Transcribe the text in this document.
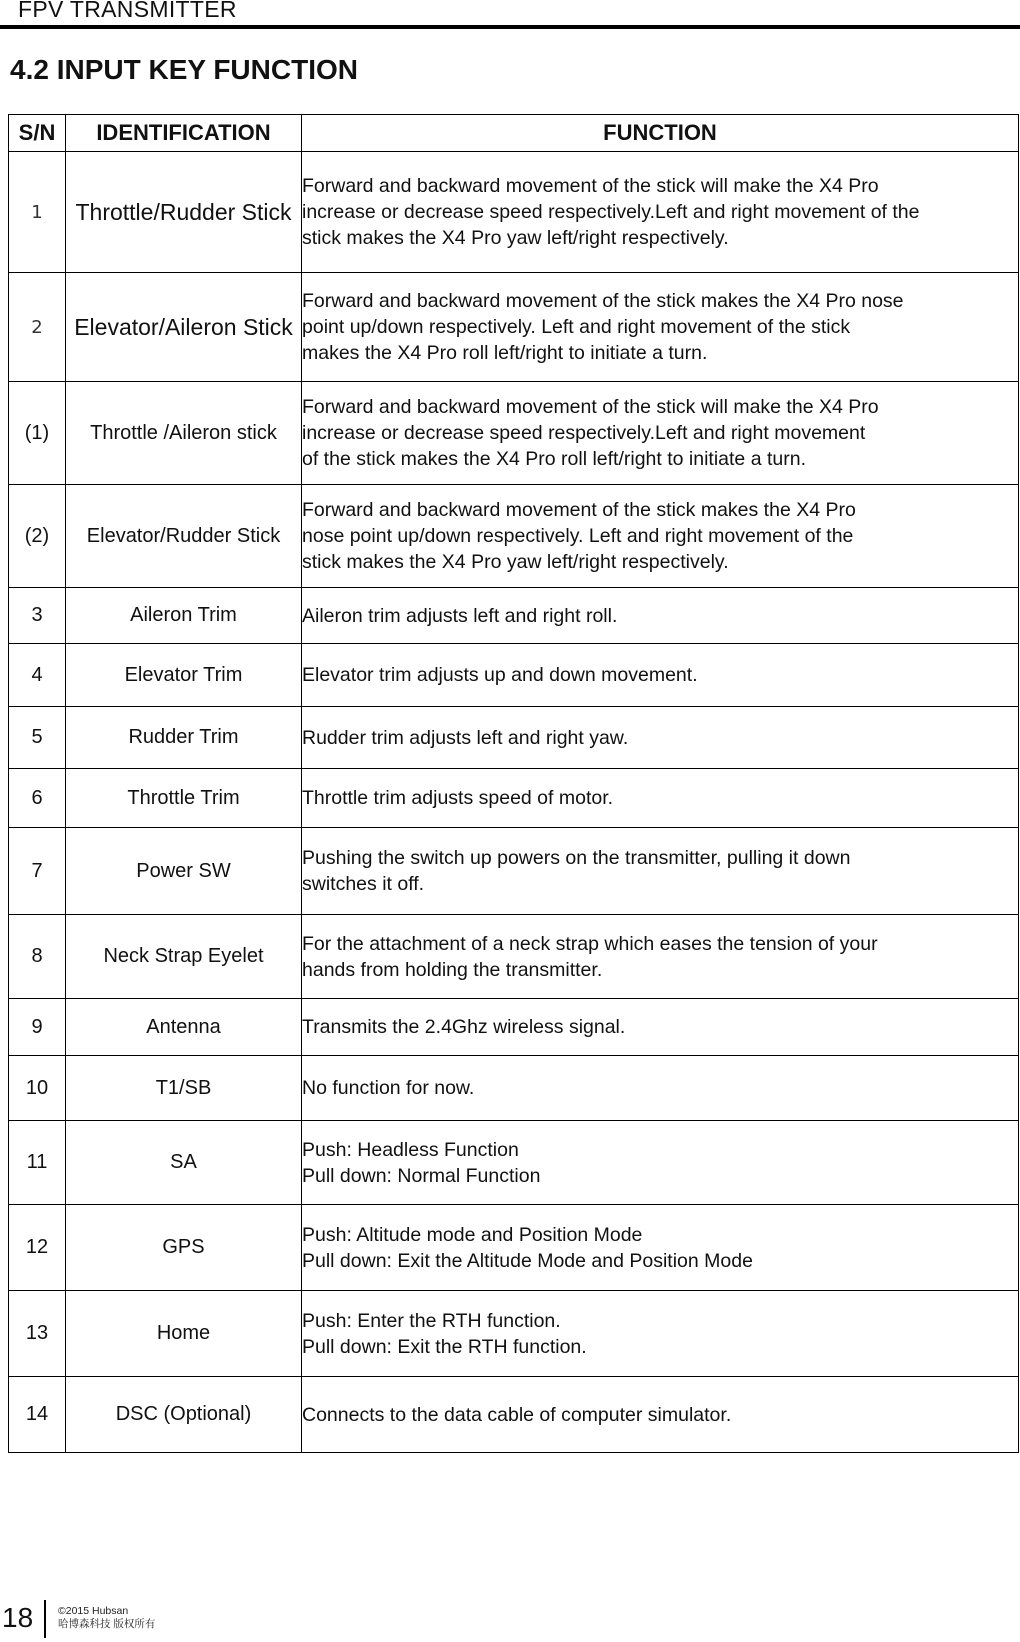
FPV TRANSMITTER
4.2 INPUT KEY FUNCTION
S/N	IDENTIFICATION	FUNCTION
1	Throttle/Rudder Stick	Forward and backward movement of the stick will make the X4 Pro
increase or decrease speed respectively.Left and right movement of the
stick makes the X4 Pro yaw left/right respectively.

2	Elevator/Aileron Stick	Forward and backward movement of the stick makes the X4 Pro nose
point up/down respectively. Left and right movement of the stick
makes the X4 Pro roll left/right to initiate a turn.

(1)	Throttle /Aileron stick	Forward and backward movement of the stick will make the X4 Pro
increase or decrease speed respectively.Left and right movement
of the stick makes the X4 Pro roll left/right to initiate a turn.

(2)	Elevator/Rudder Stick	Forward and backward movement of the stick makes the X4 Pro
nose point up/down respectively. Left and right movement of the
stick makes the X4 Pro yaw left/right respectively.

3	Aileron Trim	Aileron trim adjusts left and right roll.

4	Elevator Trim	Elevator trim adjusts up and down movement.

5	Rudder Trim	Rudder trim adjusts left and right yaw.

6	Throttle Trim	Throttle trim adjusts speed of motor.

7	Power SW	Pushing the switch up powers on the transmitter, pulling it down
switches it off.

8	Neck Strap Eyelet	For the attachment of a neck strap which eases the tension of your
hands from holding the transmitter.

9	Antenna	Transmits the 2.4Ghz wireless signal.

10	T1/SB	No function for now.

11	SA	Push: Headless Function
Pull down: Normal Function

12	GPS	Push: Altitude mode and Position Mode
Pull down: Exit the Altitude Mode and Position Mode

13	Home	Push: Enter the RTH function.
Pull down: Exit the RTH function.

14	DSC (Optional)	Connects to the data cable of computer simulator.
18 ©2015 Hubsan
哈博森科技 版权所有
